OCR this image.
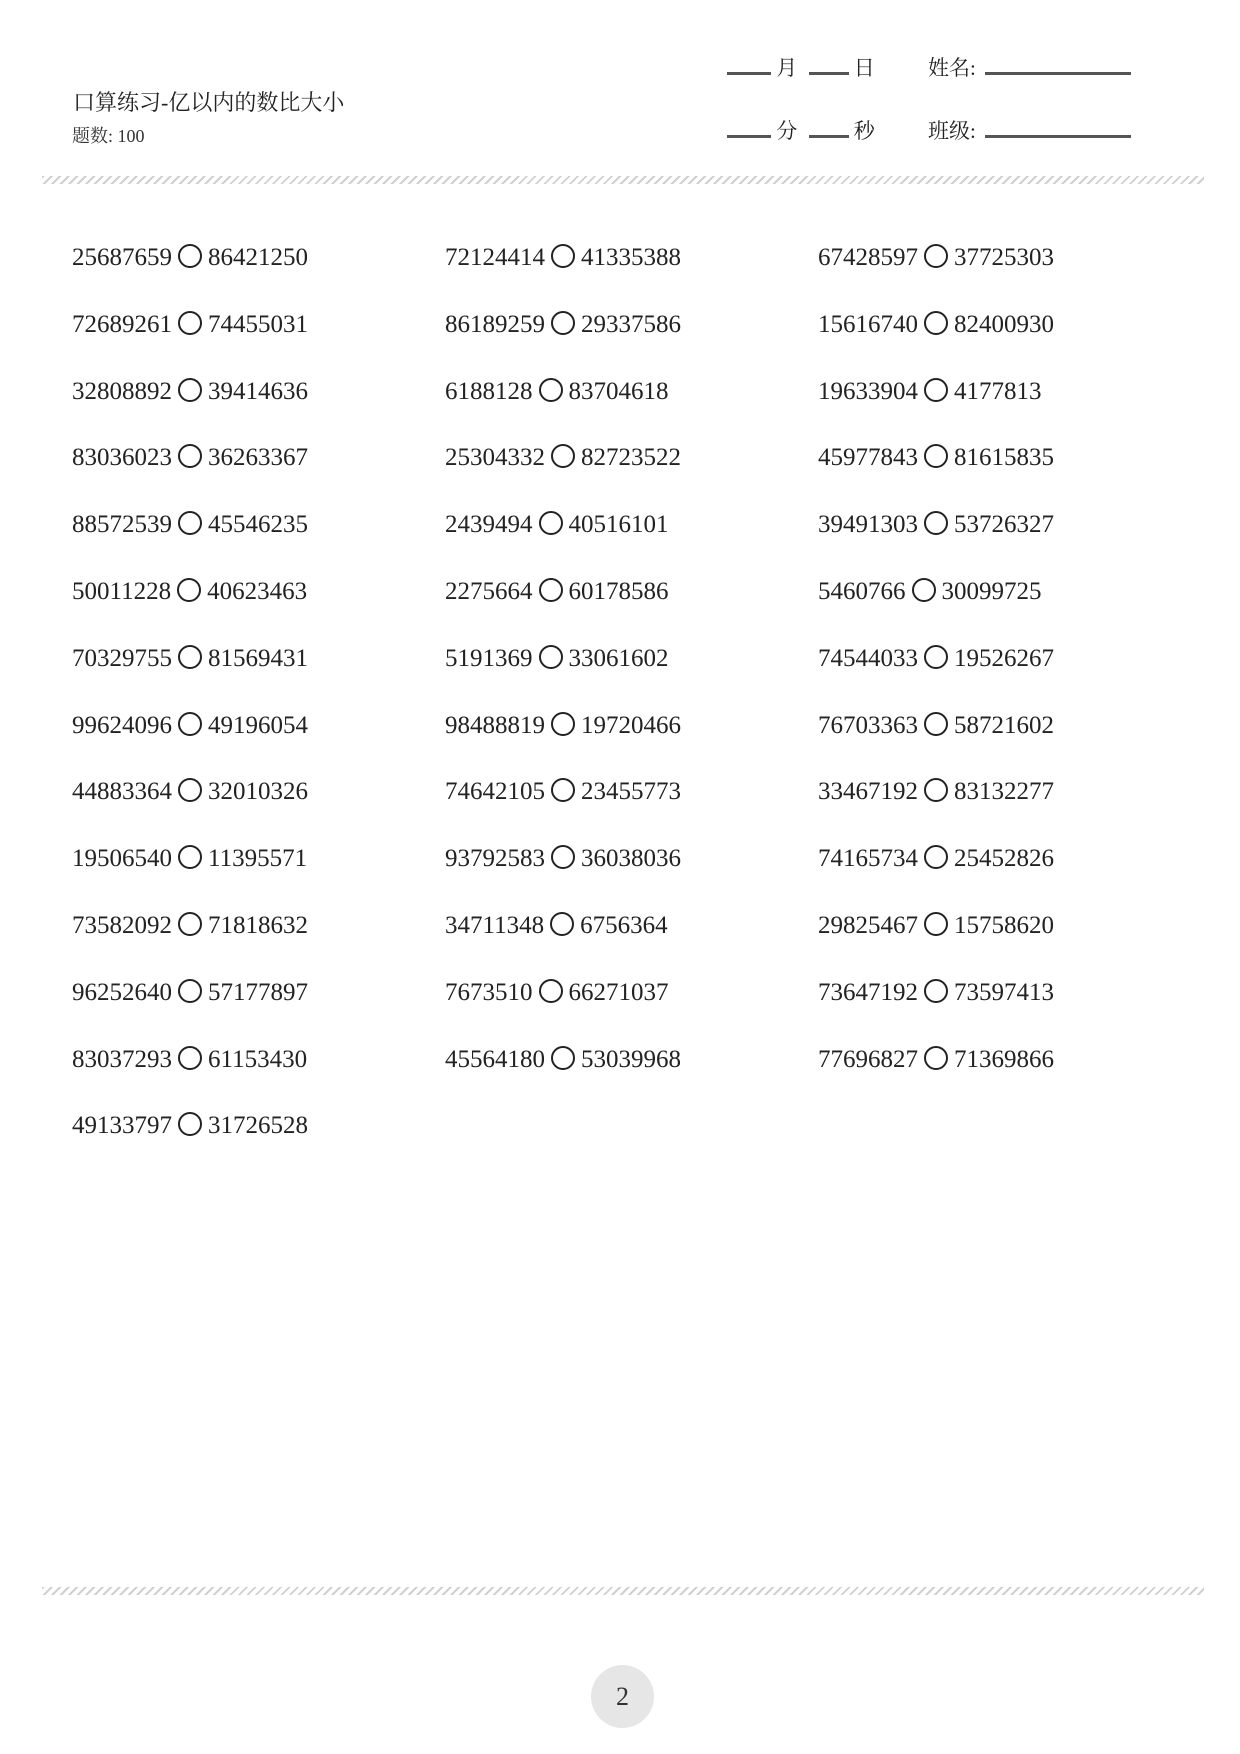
口算练习-亿以内的数比大小
题数: 100
月	日	姓名:
分	秒	班级:
25687659 86421250	72124414 41335388	67428597 37725303
72689261 74455031	86189259 29337586	15616740 82400930
32808892 39414636	6188128 83704618	19633904 4177813
83036023 36263367	25304332 82723522	45977843 81615835
88572539 45546235	2439494 40516101	39491303 53726327
50011228 40623463	2275664 60178586	5460766 30099725
70329755 81569431	5191369 33061602	74544033 19526267
99624096 49196054	98488819 19720466	76703363 58721602
44883364 32010326	74642105 23455773	33467192 83132277
19506540 11395571	93792583 36038036	74165734 25452826
73582092 71818632	34711348 6756364	29825467 15758620
96252640 57177897	7673510 66271037	73647192 73597413
83037293 61153430	45564180 53039968	77696827 71369866
49133797 31726528
2
